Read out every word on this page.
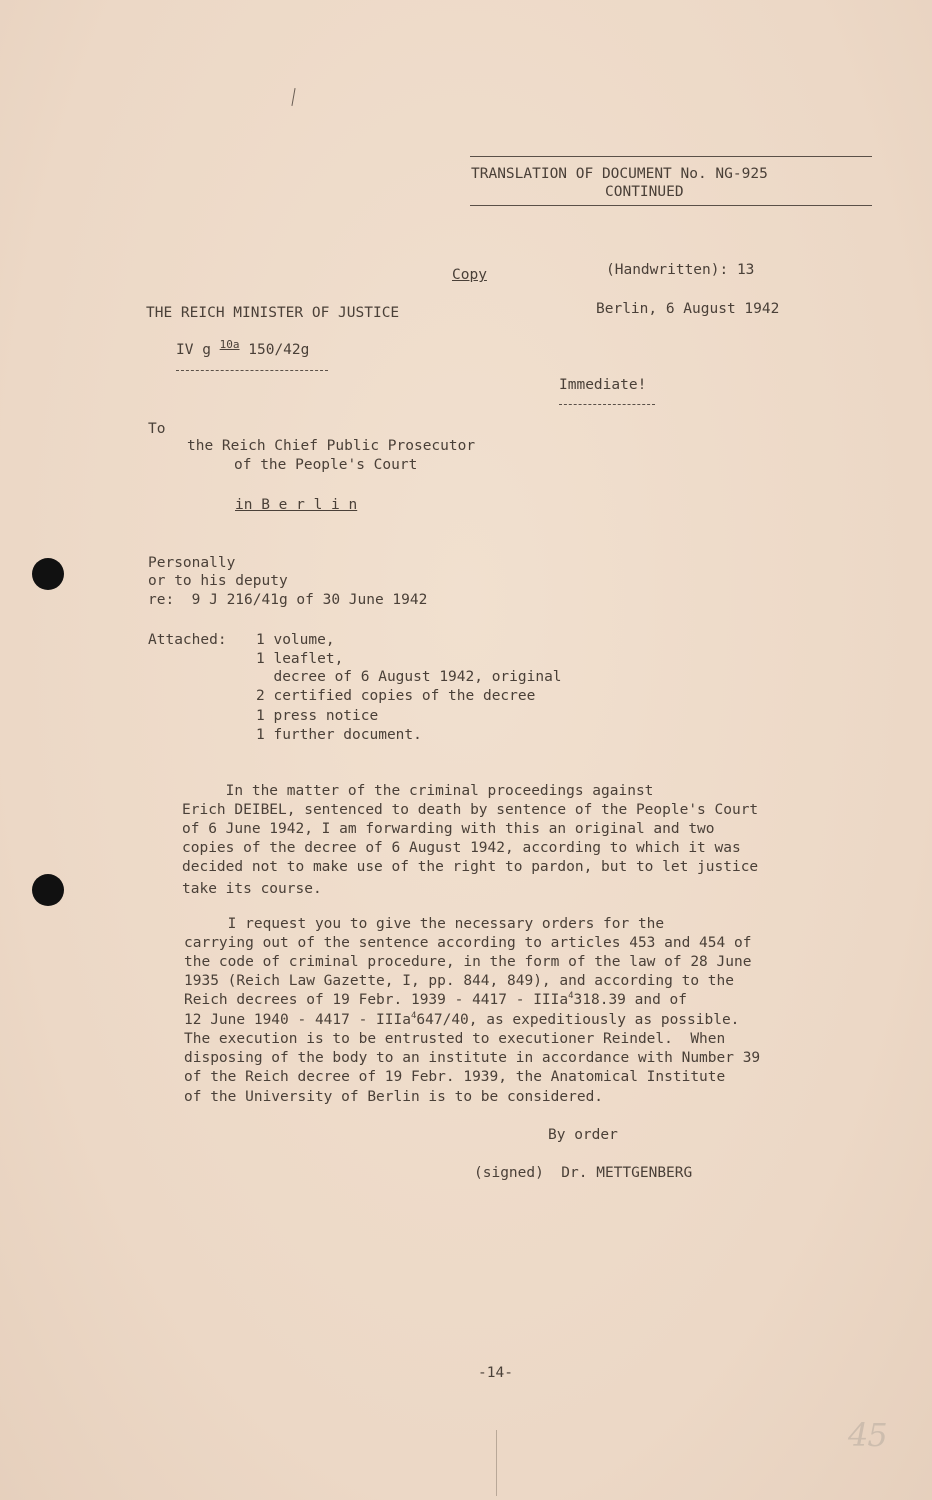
TRANSLATION OF DOCUMENT No. NG-925
CONTINUED
Copy	(Handwritten): 13
THE REICH MINISTER OF JUSTICE	Berlin, 6 August 1942
IV g $^{10a}$ 150/42g
Immediate!
To
the Reich Chief Public Prosecutor
of the People's Court
in B e r l i n
Personally
or to his deputy
re:  9 J 216/41g of 30 June 1942
Attached: 1 volume,
1 leaflet,
decree of 6 August 1942, original
2 certified copies of the decree
1 press notice
1 further document.
In the matter of the criminal proceedings against
Erich DEIBEL, sentenced to death by sentence of the People's Court
of 6 June 1942, I am forwarding with this an original and two
copies of the decree of 6 August 1942, according to which it was
decided not to make use of the right to pardon, but to let justice
take its course.
I request you to give the necessary orders for the
carrying out of the sentence according to articles 453 and 454 of
the code of criminal procedure, in the form of the law of 28 June
1935 (Reich Law Gazette, I, pp. 844, 849), and according to the
Reich decrees of 19 Febr. 1939 - 4417 - IIIa$^4$318.39 and of
12 June 1940 - 4417 - IIIa$^4$647/40, as expeditiously as possible.
The execution is to be entrusted to executioner Reindel.  When
disposing of the body to an institute in accordance with Number 39
of the Reich decree of 19 Febr. 1939, the Anatomical Institute
of the University of Berlin is to be considered.
By order
(signed)  Dr. METTGENBERG
-14-
45
